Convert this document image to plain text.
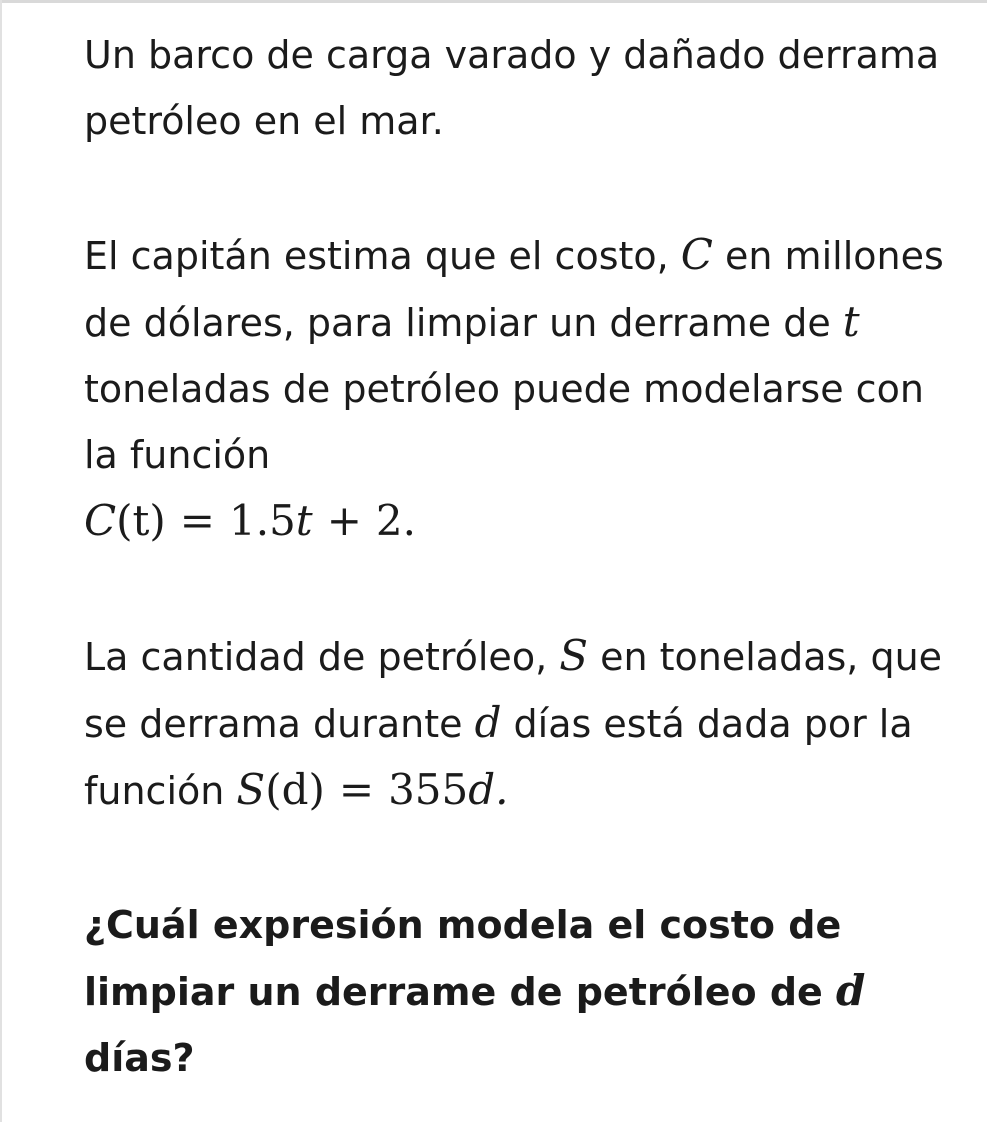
Un barco de carga varado y dañado derrama petróleo en el mar.

El capitán estima que el costo, C en millones de dólares, para limpiar un derrame de t toneladas de petróleo puede modelarse con la función
C(t) = 1.5t + 2.

La cantidad de petróleo, S en toneladas, que se derrama durante d días está dada por la función S(d) = 355d.

¿Cuál expresión modela el costo de limpiar un derrame de petróleo de d días?
